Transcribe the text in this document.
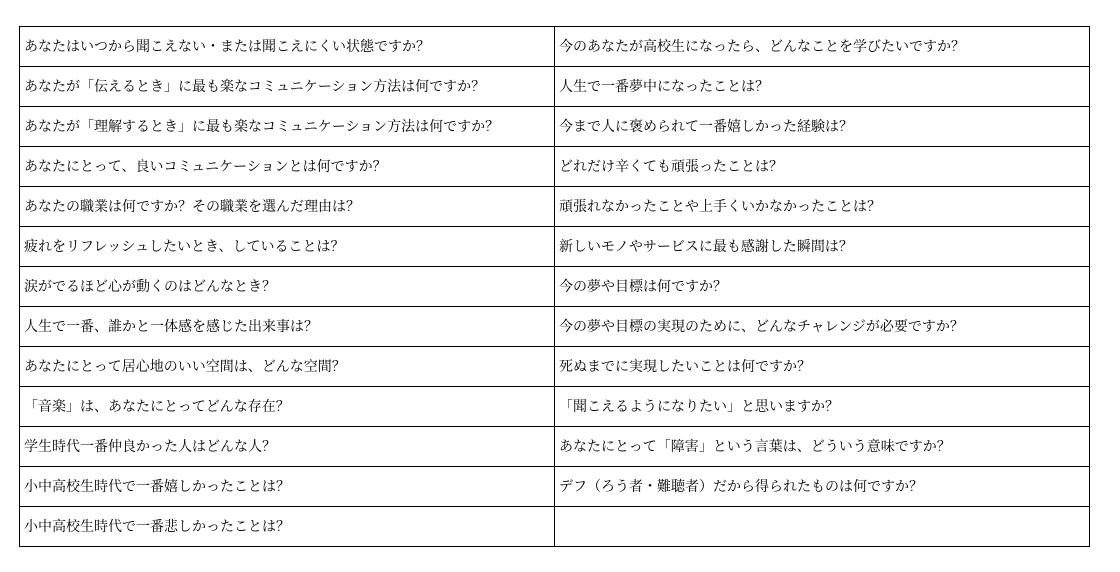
あなたはいつから聞こえない・または聞こえにくい状態ですか？	今のあなたが高校生になったら、どんなことを学びたいですか？
あなたが「伝えるとき」に最も楽なコミュニケーション方法は何ですか？	人生で一番夢中になったことは？
あなたが「理解するとき」に最も楽なコミュニケーション方法は何ですか？	今まで人に褒められて一番嬉しかった経験は？
あなたにとって、良いコミュニケーションとは何ですか？	どれだけ辛くても頑張ったことは？
あなたの職業は何ですか？その職業を選んだ理由は？	頑張れなかったことや上手くいかなかったことは？
疲れをリフレッシュしたいとき、していることは？	新しいモノやサービスに最も感謝した瞬間は？
涙がでるほど心が動くのはどんなとき？	今の夢や目標は何ですか？
人生で一番、誰かと一体感を感じた出来事は？	今の夢や目標の実現のために、どんなチャレンジが必要ですか？
あなたにとって居心地のいい空間は、どんな空間？	死ぬまでに実現したいことは何ですか？
「音楽」は、あなたにとってどんな存在？	「聞こえるようになりたい」と思いますか？
学生時代一番仲良かった人はどんな人？	あなたにとって「障害」という言葉は、どういう意味ですか？
小中高校生時代で一番嬉しかったことは？	デフ（ろう者・難聴者）だから得られたものは何ですか？
小中高校生時代で一番悲しかったことは？	
